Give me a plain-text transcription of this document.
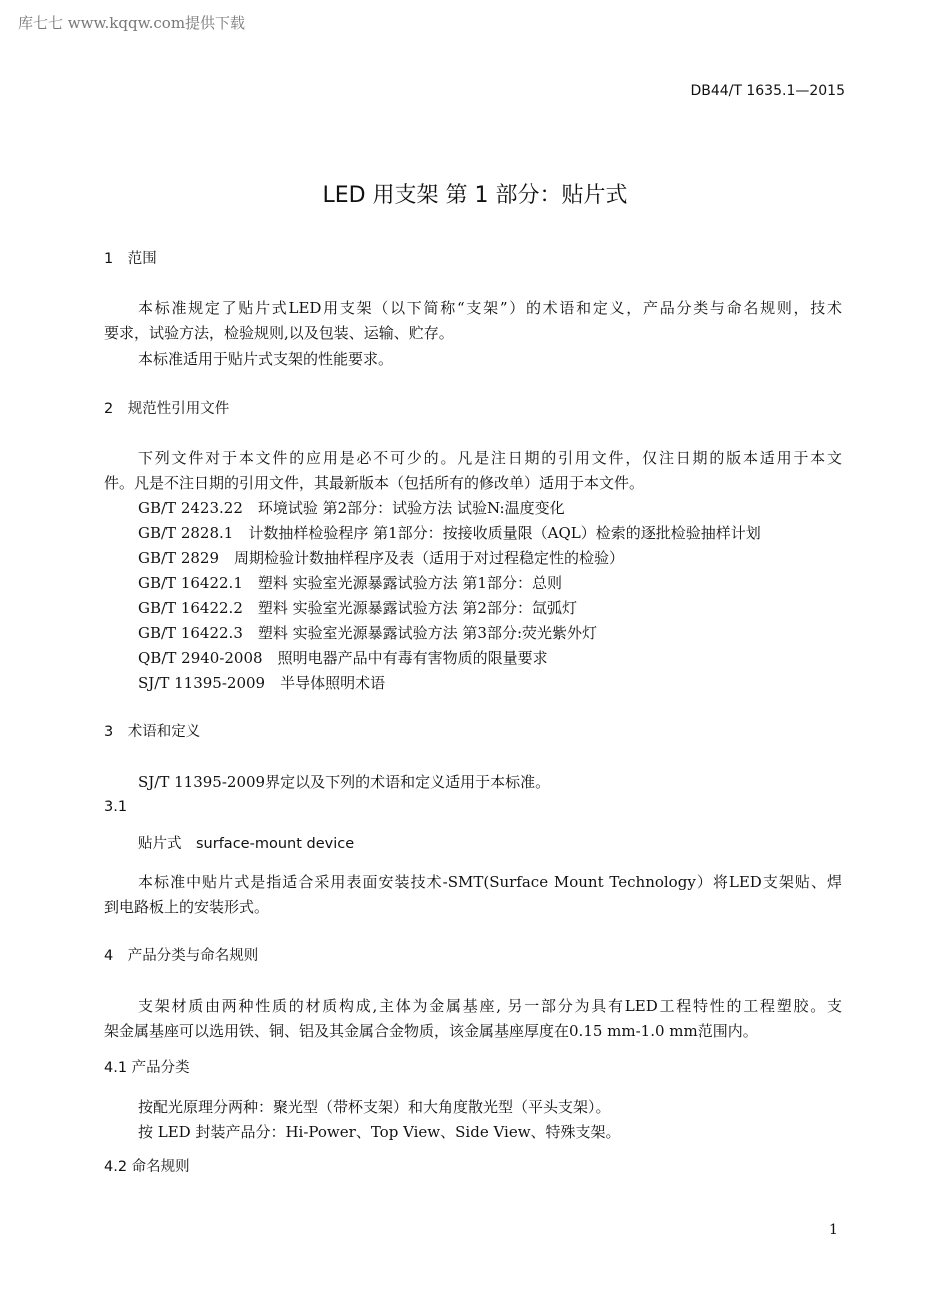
库七七 www.kqqw.com提供下载
DB44/T 1635.1—2015
LED 用支架 第 1 部分：贴片式
1　范围
本标准规定了贴片式LED用支架（以下简称“支架”）的术语和定义，产品分类与命名规则，技术
要求，试验方法，检验规则,以及包装、运输、贮存。
本标准适用于贴片式支架的性能要求。
2　规范性引用文件
下列文件对于本文件的应用是必不可少的。凡是注日期的引用文件，仅注日期的版本适用于本文
件。凡是不注日期的引用文件，其最新版本（包括所有的修改单）适用于本文件。
GB/T 2423.22　环境试验 第2部分：试验方法 试验N:温度变化
GB/T 2828.1　计数抽样检验程序 第1部分：按接收质量限（AQL）检索的逐批检验抽样计划
GB/T 2829　周期检验计数抽样程序及表（适用于对过程稳定性的检验）
GB/T 16422.1　塑料 实验室光源暴露试验方法 第1部分：总则
GB/T 16422.2　塑料 实验室光源暴露试验方法 第2部分：氙弧灯
GB/T 16422.3　塑料 实验室光源暴露试验方法 第3部分:荧光紫外灯
QB/T 2940-2008　照明电器产品中有毒有害物质的限量要求
SJ/T 11395-2009　半导体照明术语
3　术语和定义
SJ/T 11395-2009界定以及下列的术语和定义适用于本标准。
3.1
贴片式　surface-mount device
本标准中贴片式是指适合采用表面安装技术-SMT(Surface Mount Technology）将LED支架贴、焊
到电路板上的安装形式。
4　产品分类与命名规则
支架材质由两种性质的材质构成,主体为金属基座, 另一部分为具有LED工程特性的工程塑胶。支
架金属基座可以选用铁、铜、铝及其金属合金物质，该金属基座厚度在0.15 mm-1.0 mm范围内。
4.1 产品分类
按配光原理分两种：聚光型（带杯支架）和大角度散光型（平头支架）。
按 LED 封装产品分：Hi-Power、Top View、Side View、特殊支架。
4.2 命名规则
1
